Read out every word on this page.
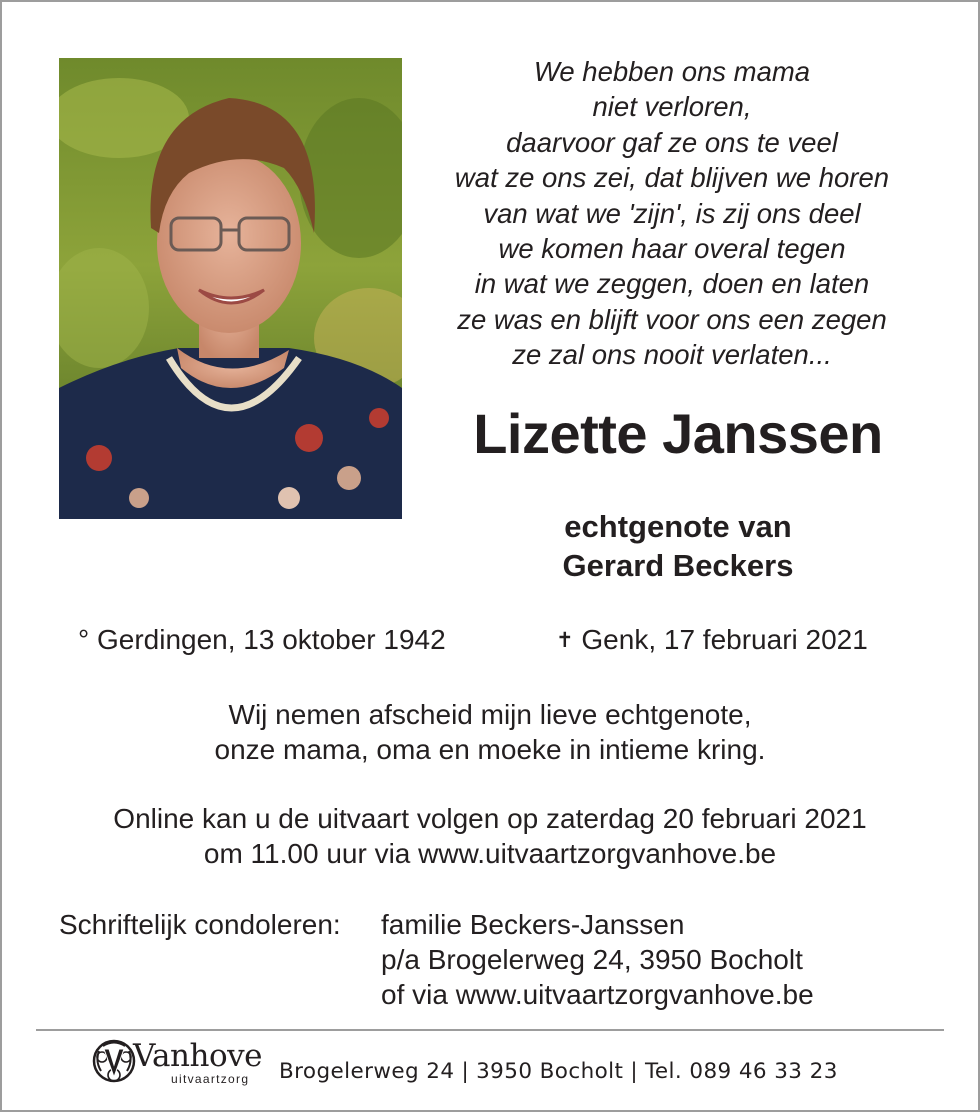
We hebben ons mama
niet verloren,
daarvoor gaf ze ons te veel
wat ze ons zei, dat blijven we horen
van wat we 'zijn', is zij ons deel
we komen haar overal tegen
in wat we zeggen, doen en laten
ze was en blijft voor ons een zegen
ze zal ons nooit verlaten...
Lizette Janssen
echtgenote van
Gerard Beckers
° Gerdingen, 13 oktober 1942	✝ Genk, 17 februari 2021
Wij nemen afscheid mijn lieve echtgenote,
onze mama, oma en moeke in intieme kring.
Online kan u de uitvaart volgen op zaterdag 20 februari 2021
om 11.00 uur via www.uitvaartzorgvanhove.be
Schriftelijk condoleren: familie Beckers-Janssen
p/a Brogelerweg 24, 3950 Bocholt
of via www.uitvaartzorgvanhove.be
Vanhove
uitvaartzorg Brogelerweg 24 | 3950 Bocholt | Tel. 089 46 33 23
